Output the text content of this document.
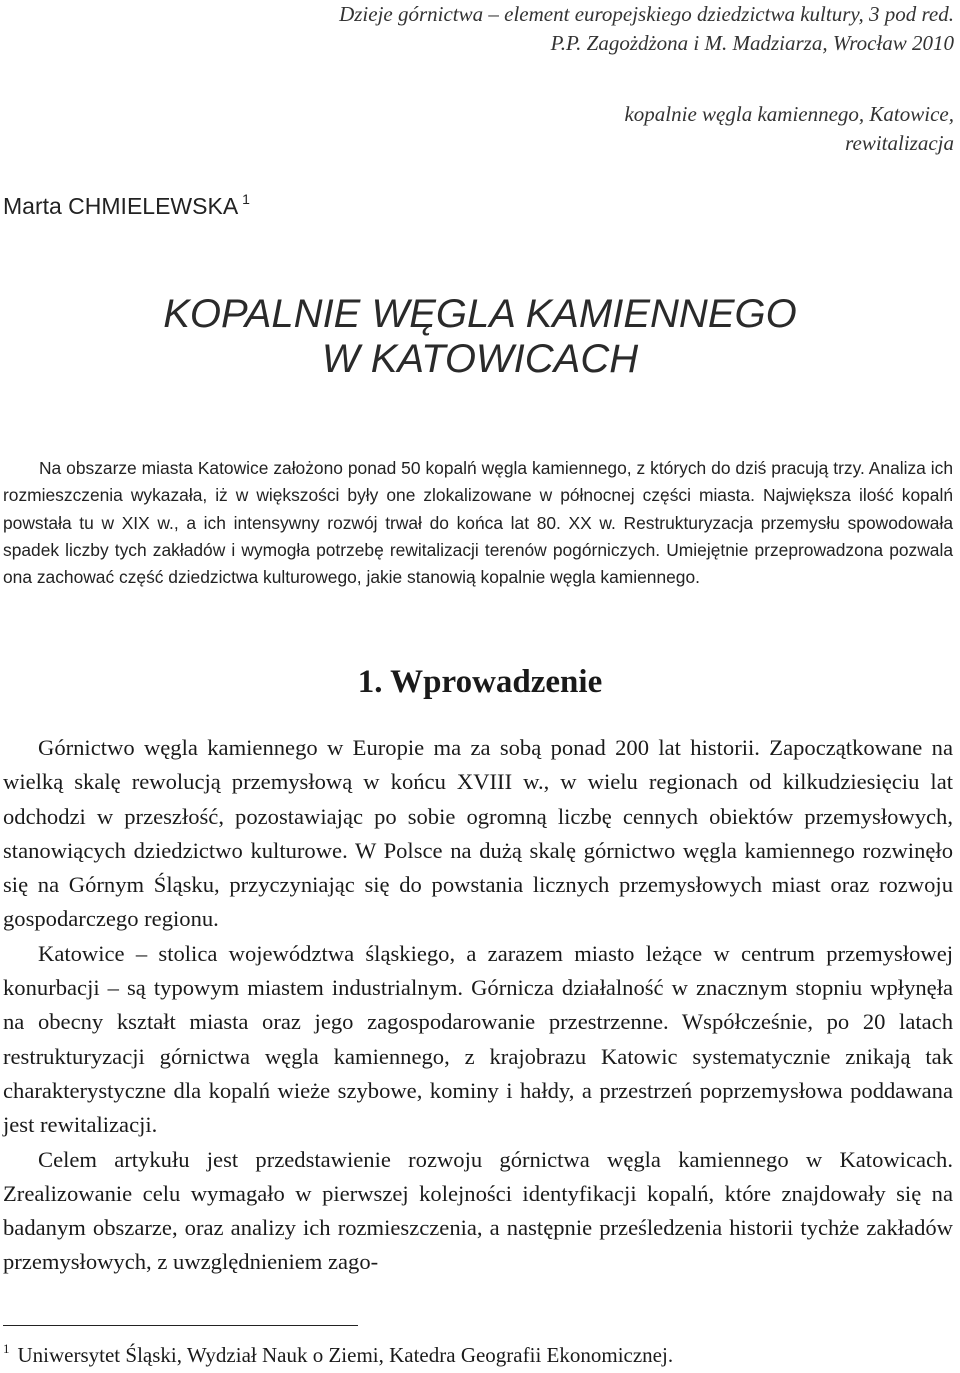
Dzieje górnictwa – element europejskiego dziedzictwa kultury, 3 pod red. P.P. Zagożdżona i M. Madziarza, Wrocław 2010
kopalnie węgla kamiennego, Katowice, rewitalizacja
Marta CHMIELEWSKA $^1$
KOPALNIE WĘGLA KAMIENNEGO
W KATOWICACH

Na obszarze miasta Katowice założono ponad 50 kopalń węgla kamiennego, z których do dziś pracują trzy. Analiza ich rozmieszczenia wykazała, iż w większości były one zlokalizowane w północnej części miasta. Największa ilość kopalń powstała tu w XIX w., a ich intensywny rozwój trwał do końca lat 80. XX w. Restrukturyzacja przemysłu spowodowała spadek liczby tych zakładów i wymogła potrzebę rewitalizacji terenów pogórniczych. Umiejętnie przeprowadzona pozwala ona zachować część dziedzictwa kulturowego, jakie stanowią kopalnie węgla kamiennego.

1. Wprowadzenie

Górnictwo węgla kamiennego w Europie ma za sobą ponad 200 lat historii. Zapoczątkowane na wielką skalę rewolucją przemysłową w końcu XVIII w., w wielu regionach od kilkudziesięciu lat odchodzi w przeszłość, pozostawiając po sobie ogromną liczbę cennych obiektów przemysłowych, stanowiących dziedzictwo kulturowe. W Polsce na dużą skalę górnictwo węgla kamiennego rozwinęło się na Górnym Śląsku, przyczyniając się do powstania licznych przemysłowych miast oraz rozwoju gospodarczego regionu.

Katowice – stolica województwa śląskiego, a zarazem miasto leżące w centrum przemysłowej konurbacji – są typowym miastem industrialnym. Górnicza działalność w znacznym stopniu wpłynęła na obecny kształt miasta oraz jego zagospodarowanie przestrzenne. Współcześnie, po 20 latach restrukturyzacji górnictwa węgla kamiennego, z krajobrazu Katowic systematycznie znikają tak charakterystyczne dla kopalń wieże szybowe, kominy i hałdy, a przestrzeń poprzemysłowa poddawana jest rewitalizacji.

Celem artykułu jest przedstawienie rozwoju górnictwa węgla kamiennego w Katowicach. Zrealizowanie celu wymagało w pierwszej kolejności identyfikacji kopalń, które znajdowały się na badanym obszarze, oraz analizy ich rozmieszczenia, a następnie prześledzenia historii tychże zakładów przemysłowych, z uwzględnieniem zago-

$^1$ Uniwersytet Śląski, Wydział Nauk o Ziemi, Katedra Geografii Ekonomicznej.
